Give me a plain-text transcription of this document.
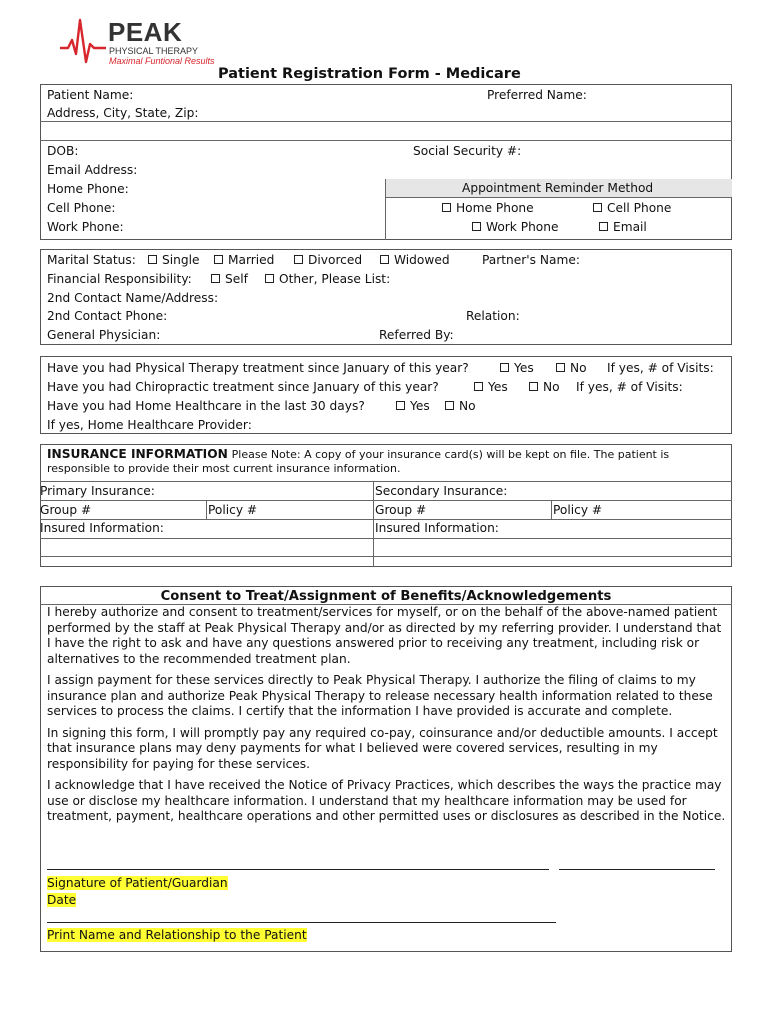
PEAK
PHYSICAL THERAPY
Maximal Funtional Results
Patient Registration Form - Medicare
Patient Name:	Preferred Name:
Address, City, State, Zip:
DOB:	Social Security #:
Email Address:
Home Phone:
Cell Phone:
Work Phone:
Appointment Reminder Method
Home Phone	Cell Phone
Work Phone	Email
Marital Status:	Single	Married	Divorced	Widowed	Partner's Name:
Financial Responsibility:	Self	Other, Please List:
2nd Contact Name/Address:
2nd Contact Phone:	Relation:
General Physician:	Referred By:
Have you had Physical Therapy treatment since January of this year?	Yes	No If yes, # of Visits:
Have you had Chiropractic treatment since January of this year?	Yes	No If yes, # of Visits:
Have you had Home Healthcare in the last 30 days?	Yes	No
If yes, Home Healthcare Provider:
INSURANCE INFORMATION Please Note: A copy of your insurance card(s) will be kept on file. The patient is
responsible to provide their most current insurance information.
Primary Insurance:	Secondary Insurance:
Group #	Policy #	Group #	Policy #
Insured Information:	Insured Information:
Consent to Treat/Assignment of Benefits/Acknowledgements

I hereby authorize and consent to treatment/services for myself, or on the behalf of the above-named patient performed by the staff at Peak Physical Therapy and/or as directed by my referring provider. I understand that I have the right to ask and have any questions answered prior to receiving any treatment, including risk or alternatives to the recommended treatment plan.

I assign payment for these services directly to Peak Physical Therapy. I authorize the filing of claims to my insurance plan and authorize Peak Physical Therapy to release necessary health information related to these services to process the claims. I certify that the information I have provided is accurate and complete.

In signing this form, I will promptly pay any required co-pay, coinsurance and/or deductible amounts. I accept that insurance plans may deny payments for what I believed were covered services, resulting in my responsibility for paying for these services.

I acknowledge that I have received the Notice of Privacy Practices, which describes the ways the practice may use or disclose my healthcare information. I understand that my healthcare information may be used for treatment, payment, healthcare operations and other permitted uses or disclosures as described in the Notice.

Signature of Patient/Guardian
Date
Print Name and Relationship to the Patient
